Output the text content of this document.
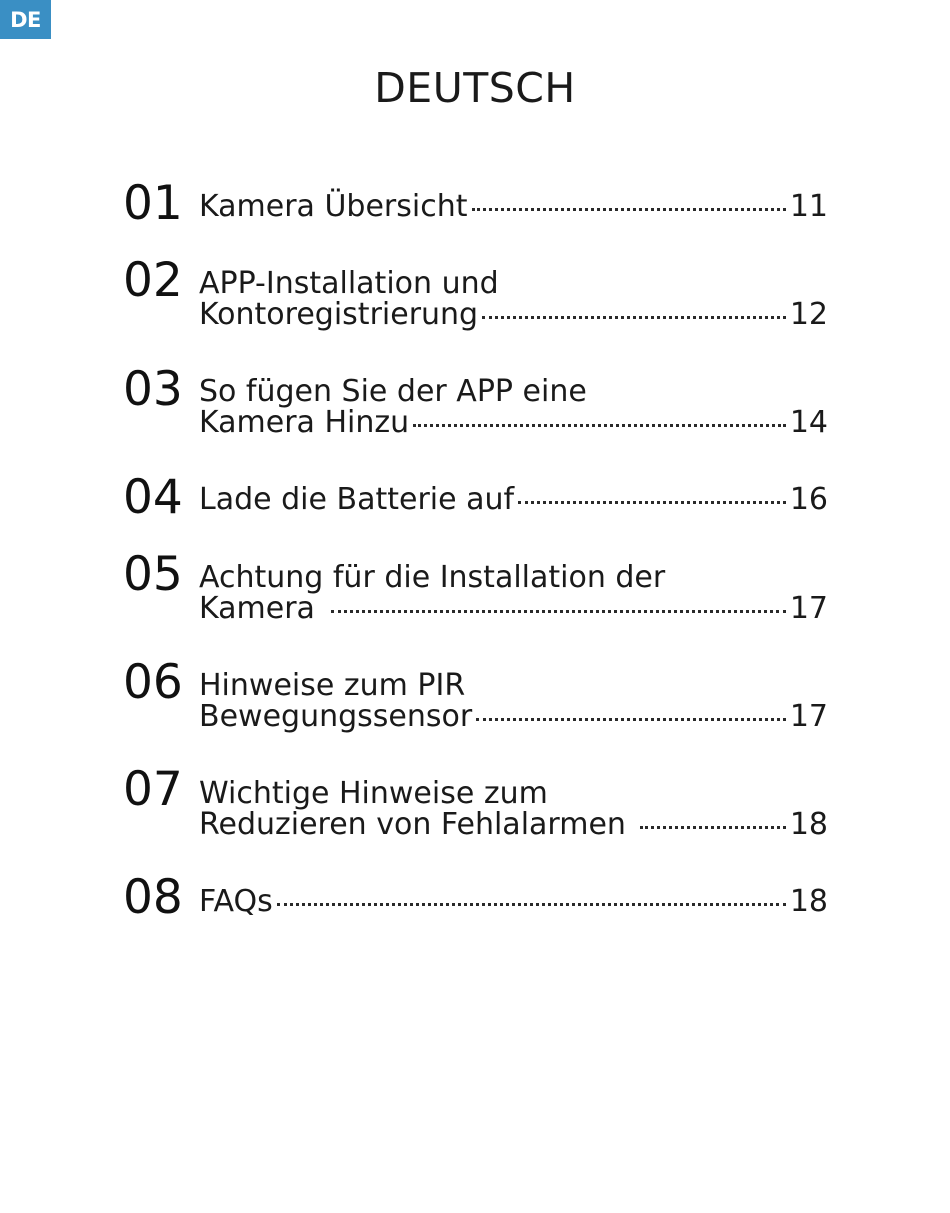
DE
DEUTSCH
01 Kamera Übersicht	11
02 APP-Installation und
Kontoregistrierung	12
03 So fügen Sie der APP eine
Kamera Hinzu	14
04 Lade die Batterie auf	16
05 Achtung für die Installation der
Kamera	17
06 Hinweise zum PIR
Bewegungssensor	17
07 Wichtige Hinweise zum
Reduzieren von Fehlalarmen	18
08 FAQs	18
